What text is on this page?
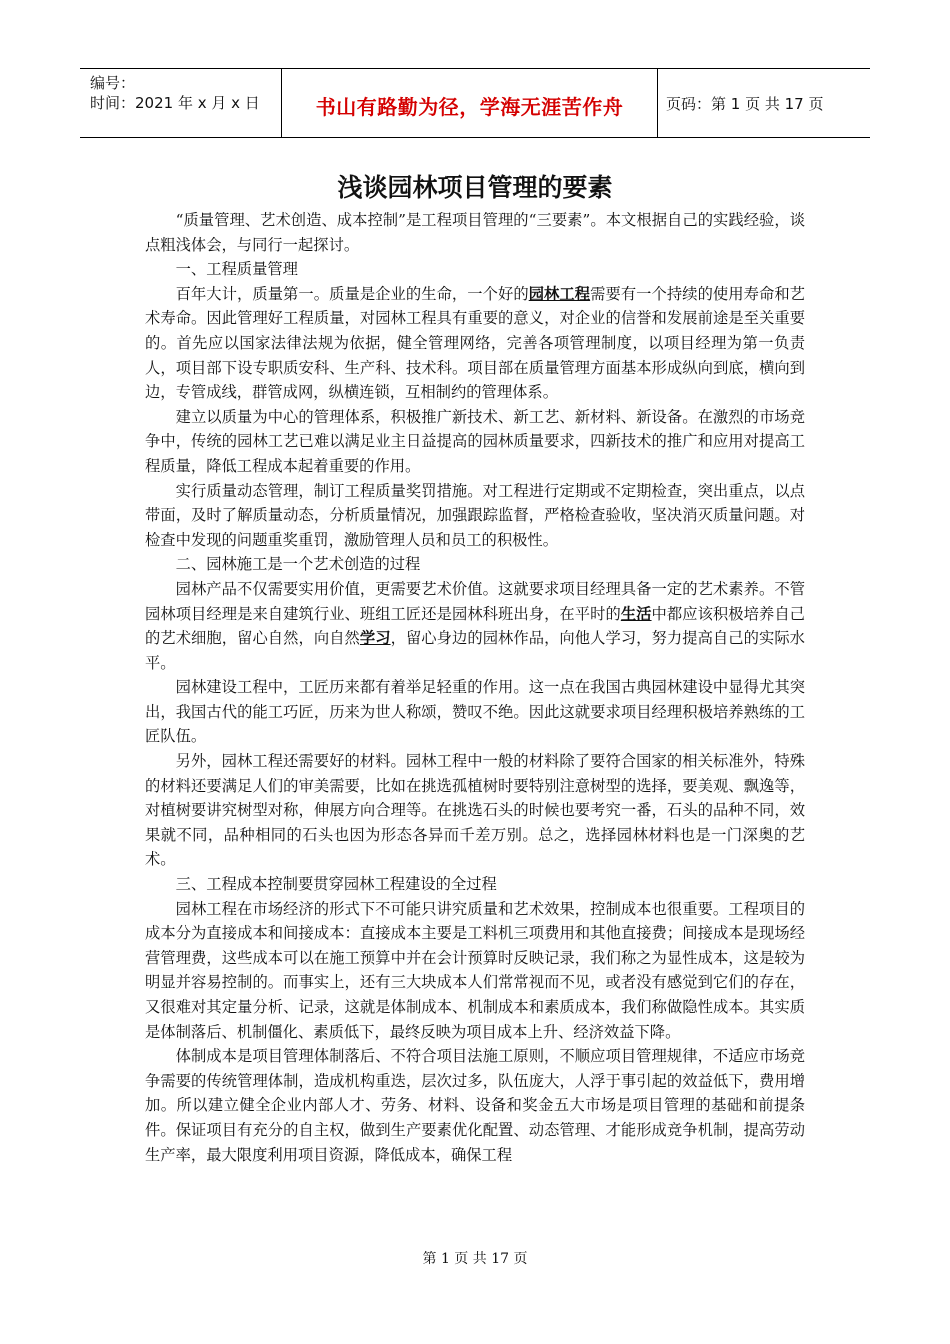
编号：
时间：2021 年 x 月 x 日	书山有路勤为径，学海无涯苦作舟	页码：第 1 页 共 17 页
浅谈园林项目管理的要素

“质量管理、艺术创造、成本控制”是工程项目管理的“三要素”。本文根据自己的实践经验，谈点粗浅体会，与同行一起探讨。

一、工程质量管理

百年大计，质量第一。质量是企业的生命，一个好的园林工程需要有一个持续的使用寿命和艺术寿命。因此管理好工程质量，对园林工程具有重要的意义，对企业的信誉和发展前途是至关重要的。首先应以国家法律法规为依据，健全管理网络，完善各项管理制度，以项目经理为第一负责人，项目部下设专职质安科、生产科、技术科。项目部在质量管理方面基本形成纵向到底，横向到边，专管成线，群管成网，纵横连锁，互相制约的管理体系。

建立以质量为中心的管理体系，积极推广新技术、新工艺、新材料、新设备。在激烈的市场竞争中，传统的园林工艺已难以满足业主日益提高的园林质量要求，四新技术的推广和应用对提高工程质量，降低工程成本起着重要的作用。

实行质量动态管理，制订工程质量奖罚措施。对工程进行定期或不定期检查，突出重点，以点带面，及时了解质量动态，分析质量情况，加强跟踪监督，严格检查验收，坚决消灭质量问题。对检查中发现的问题重奖重罚，激励管理人员和员工的积极性。

二、园林施工是一个艺术创造的过程

园林产品不仅需要实用价值，更需要艺术价值。这就要求项目经理具备一定的艺术素养。不管园林项目经理是来自建筑行业、班组工匠还是园林科班出身，在平时的生活中都应该积极培养自己的艺术细胞，留心自然，向自然学习，留心身边的园林作品，向他人学习，努力提高自己的实际水平。

园林建设工程中，工匠历来都有着举足轻重的作用。这一点在我国古典园林建设中显得尤其突出，我国古代的能工巧匠，历来为世人称颂，赞叹不绝。因此这就要求项目经理积极培养熟练的工匠队伍。

另外，园林工程还需要好的材料。园林工程中一般的材料除了要符合国家的相关标准外，特殊的材料还要满足人们的审美需要，比如在挑选孤植树时要特别注意树型的选择，要美观、飘逸等，对植树要讲究树型对称，伸展方向合理等。在挑选石头的时候也要考究一番，石头的品种不同，效果就不同，品种相同的石头也因为形态各异而千差万别。总之，选择园林材料也是一门深奥的艺术。

三、工程成本控制要贯穿园林工程建设的全过程

园林工程在市场经济的形式下不可能只讲究质量和艺术效果，控制成本也很重要。工程项目的成本分为直接成本和间接成本：直接成本主要是工料机三项费用和其他直接费；间接成本是现场经营管理费，这些成本可以在施工预算中并在会计预算时反映记录，我们称之为显性成本，这是较为明显并容易控制的。而事实上，还有三大块成本人们常常视而不见，或者没有感觉到它们的存在，又很难对其定量分析、记录，这就是体制成本、机制成本和素质成本，我们称做隐性成本。其实质是体制落后、机制僵化、素质低下，最终反映为项目成本上升、经济效益下降。

体制成本是项目管理体制落后、不符合项目法施工原则，不顺应项目管理规律，不适应市场竞争需要的传统管理体制，造成机构重迭，层次过多，队伍庞大，人浮于事引起的效益低下，费用增加。所以建立健全企业内部人才、劳务、材料、设备和奖金五大市场是项目管理的基础和前提条件。保证项目有充分的自主权，做到生产要素优化配置、动态管理、才能形成竞争机制，提高劳动生产率，最大限度利用项目资源，降低成本，确保工程

第 1 页 共 17 页
